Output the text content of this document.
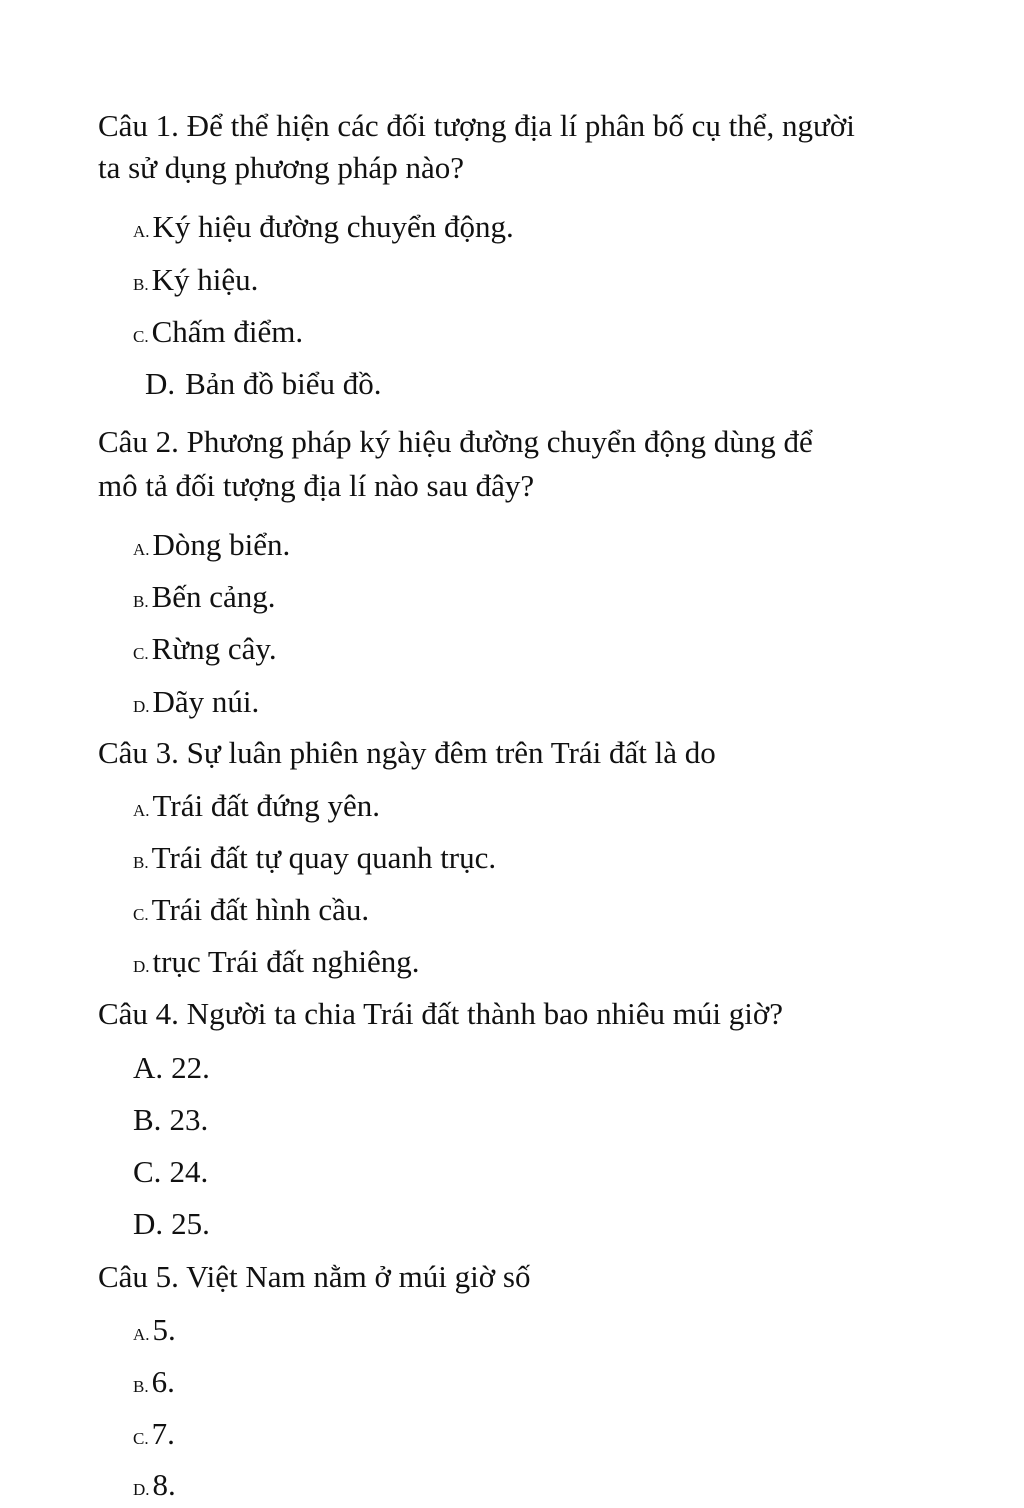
Câu 1. Để thể hiện các đối tượng địa lí phân bố cụ thể, người
ta sử dụng phương pháp nào?
A.Ký hiệu đường chuyển động.
B.Ký hiệu.
C.Chấm điểm.
D. Bản đồ biểu đồ.
Câu 2. Phương pháp ký hiệu đường chuyển động dùng để
mô tả đối tượng địa lí nào sau đây?
A.Dòng biển.
B.Bến cảng.
C.Rừng cây.
D.Dãy núi.
Câu 3. Sự luân phiên ngày đêm trên Trái đất là do
A.Trái đất đứng yên.
B.Trái đất tự quay quanh trục.
C.Trái đất hình cầu.
D.trục Trái đất nghiêng.
Câu 4. Người ta chia Trái đất thành bao nhiêu múi giờ?
A. 22.
B. 23.
C. 24.
D. 25.
Câu 5. Việt Nam nằm ở múi giờ số
A.5.
B.6.
C.7.
D.8.
